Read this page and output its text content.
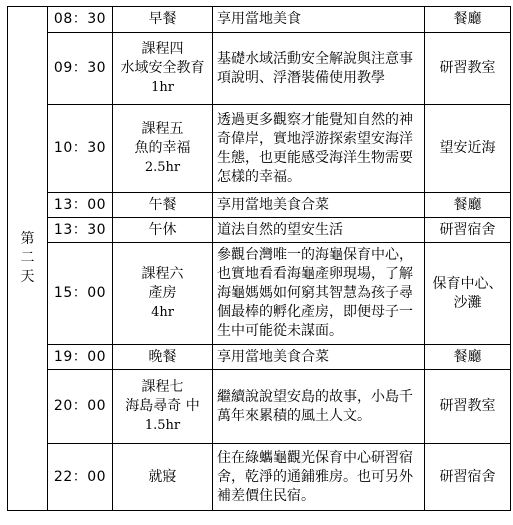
第
二
天	08：30	早餐	享用當地美食	餐廳

	09：30	課程四
水域安全教育
1hr	基礎水域活動安全解說與注意事項說明、浮潛裝備使用教學	研習教室

	10：30	課程五
魚的幸福
2.5hr	透過更多觀察才能覺知自然的神奇偉岸，實地浮游探索望安海洋生態，也更能感受海洋生物需要怎樣的幸福。	望安近海

	13：00	午餐	享用當地美食合菜	餐廳

	13：30	午休	道法自然的望安生活	研習宿舍

	15：00	課程六
產房
4hr	參觀台灣唯一的海龜保育中心，也實地看看海龜產卵現場，了解海龜媽媽如何窮其智慧為孩子尋個最棒的孵化產房，即便母子一生中可能從未謀面。	保育中心、
沙灘

	19：00	晚餐	享用當地美食合菜	餐廳

	20：00	課程七
海島尋奇 中
1.5hr	繼續說說望安島的故事，小島千萬年來累積的風土人文。	研習教室

	22：00	就寢	住在綠蠵龜觀光保育中心研習宿舍，乾淨的通鋪雅房。也可另外補差價住民宿。	研習宿舍
